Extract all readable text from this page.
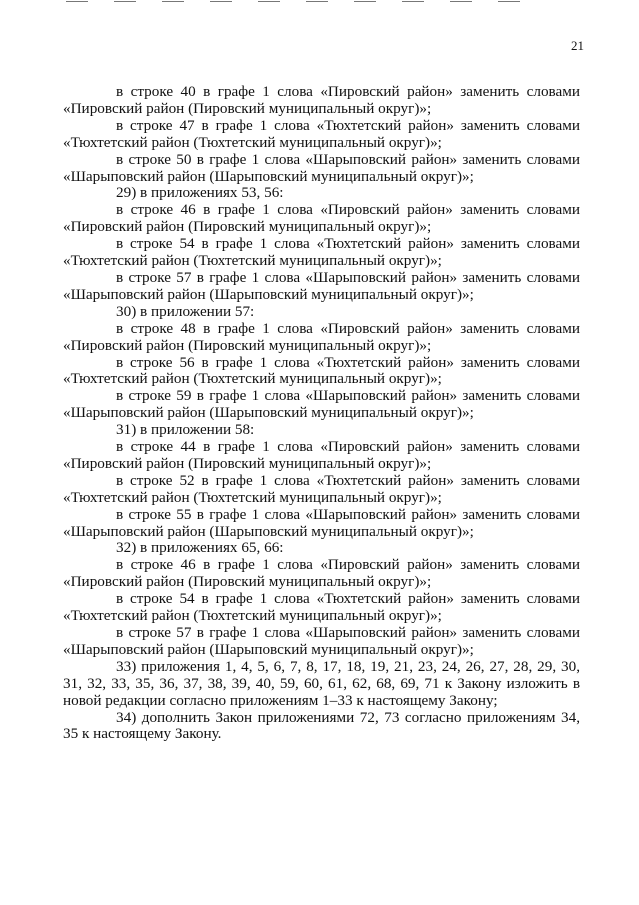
21

в строке 40 в графе 1 слова «Пировский район» заменить словами «Пировский район (Пировский муниципальный округ)»;

в строке 47 в графе 1 слова «Тюхтетский район» заменить словами «Тюхтетский район (Тюхтетский муниципальный округ)»;

в строке 50 в графе 1 слова «Шарыповский район» заменить словами «Шарыповский район (Шарыповский муниципальный округ)»;

29) в приложениях 53, 56:

в строке 46 в графе 1 слова «Пировский район» заменить словами «Пировский район (Пировский муниципальный округ)»;

в строке 54 в графе 1 слова «Тюхтетский район» заменить словами «Тюхтетский район (Тюхтетский муниципальный округ)»;

в строке 57 в графе 1 слова «Шарыповский район» заменить словами «Шарыповский район (Шарыповский муниципальный округ)»;

30) в приложении 57:

в строке 48 в графе 1 слова «Пировский район» заменить словами «Пировский район (Пировский муниципальный округ)»;

в строке 56 в графе 1 слова «Тюхтетский район» заменить словами «Тюхтетский район (Тюхтетский муниципальный округ)»;

в строке 59 в графе 1 слова «Шарыповский район» заменить словами «Шарыповский район (Шарыповский муниципальный округ)»;

31) в приложении 58:

в строке 44 в графе 1 слова «Пировский район» заменить словами «Пировский район (Пировский муниципальный округ)»;

в строке 52 в графе 1 слова «Тюхтетский район» заменить словами «Тюхтетский район (Тюхтетский муниципальный округ)»;

в строке 55 в графе 1 слова «Шарыповский район» заменить словами «Шарыповский район (Шарыповский муниципальный округ)»;

32) в приложениях 65, 66:

в строке 46 в графе 1 слова «Пировский район» заменить словами «Пировский район (Пировский муниципальный округ)»;

в строке 54 в графе 1 слова «Тюхтетский район» заменить словами «Тюхтетский район (Тюхтетский муниципальный округ)»;

в строке 57 в графе 1 слова «Шарыповский район» заменить словами «Шарыповский район (Шарыповский муниципальный округ)»;

33) приложения 1, 4, 5, 6, 7, 8, 17, 18, 19, 21, 23, 24, 26, 27, 28, 29, 30, 31, 32, 33, 35, 36, 37, 38, 39, 40, 59, 60, 61, 62, 68, 69, 71 к Закону изложить в новой редакции согласно приложениям 1–33 к настоящему Закону;

34) дополнить Закон приложениями 72, 73 согласно приложениям 34, 35 к настоящему Закону.
